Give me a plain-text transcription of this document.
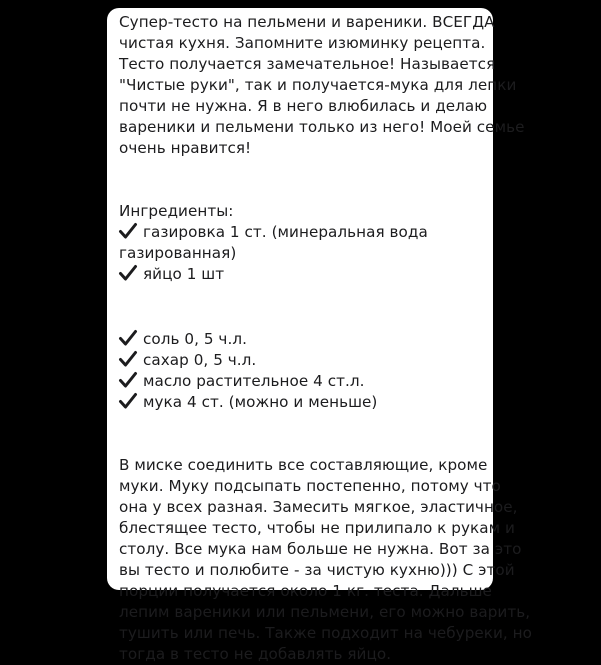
Супер-тесто на пельмени и вареники. ВСЕГДА
чистая кухня. Запомните изюминку рецепта.
Тесто получается замечательное! Называется
"Чистые руки", так и получается-мука для лепки
почти не нужна. Я в него влюбилась и делаю
вареники и пельмени только из него! Моей семье
очень нравится!
Ингредиенты:
газировка 1 ст. (минеральная вода
газированная)
яйцо 1 шт
соль 0, 5 ч.л.
сахар 0, 5 ч.л.
масло растительное 4 ст.л.
мука 4 ст. (можно и меньше)
В миске соединить все составляющие, кроме
муки. Муку подсыпать постепенно, потому что
она у всех разная. Замесить мягкое, эластичное,
блестящее тесто, чтобы не прилипало к рукам и
столу. Все мука нам больше не нужна. Вот за это
вы тесто и полюбите - за чистую кухню))) С этой
порции получается около 1 кг. теста. Дальше
лепим вареники или пельмени, его можно варить,
тушить или печь. Также подходит на чебуреки, но
тогда в тесто не добавлять яйцо.
